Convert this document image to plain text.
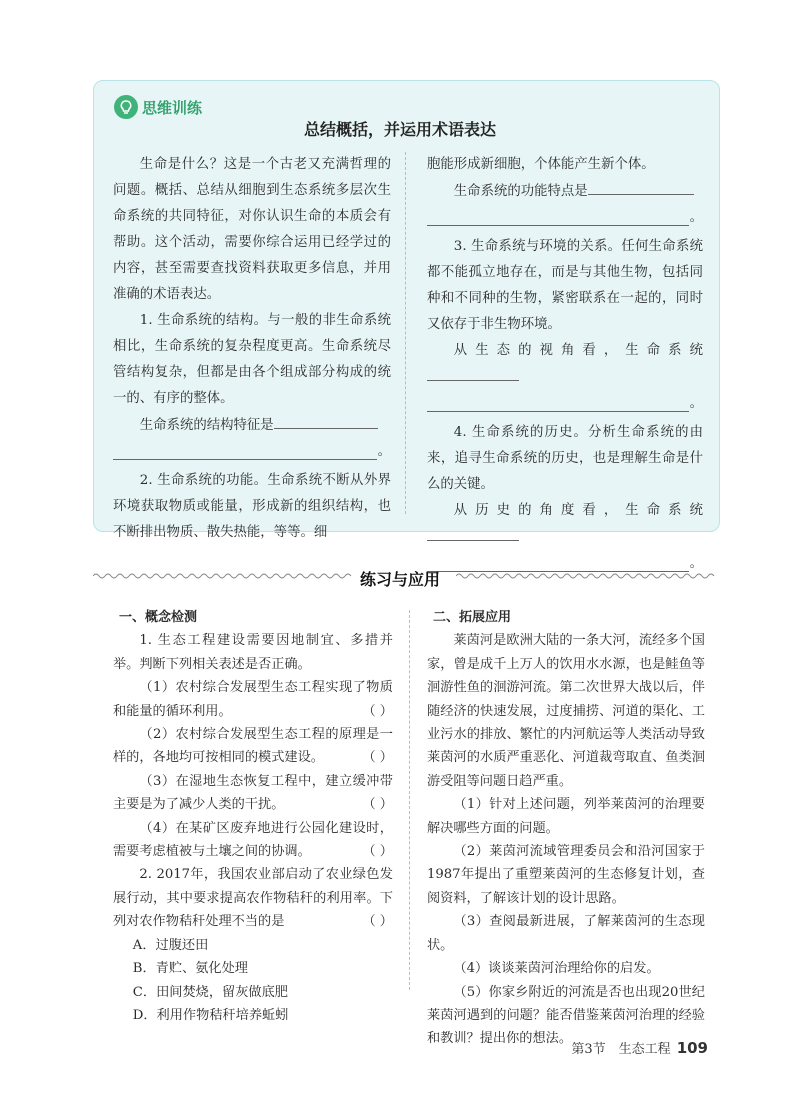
思维训练
总结概括，并运用术语表达

生命是什么？这是一个古老又充满哲理的问题。概括、总结从细胞到生态系统多层次生命系统的共同特征，对你认识生命的本质会有帮助。这个活动，需要你综合运用已经学过的内容，甚至需要查找资料获取更多信息，并用准确的术语表达。

1. 生命系统的结构。与一般的非生命系统相比，生命系统的复杂程度更高。生命系统尽管结构复杂，但都是由各个组成部分构成的统一的、有序的整体。

生命系统的结构特征是

。

2. 生命系统的功能。生命系统不断从外界环境获取物质或能量，形成新的组织结构，也不断排出物质、散失热能，等等。细

胞能形成新细胞，个体能产生新个体。

生命系统的功能特点是

。

3. 生命系统与环境的关系。任何生命系统都不能孤立地存在，而是与其他生物，包括同种和不同种的生物，紧密联系在一起的，同时又依存于非生物环境。

从生态的视角看，生命系统

。

4. 生命系统的历史。分析生命系统的由来，追寻生命系统的历史，也是理解生命是什么的关键。

从历史的角度看，生命系统

。
练习与应用
一、概念检测

1. 生态工程建设需要因地制宜、多措并举。判断下列相关表述是否正确。

（1）农村综合发展型生态工程实现了物质和能量的循环利用。	（ ）

（2）农村综合发展型生态工程的原理是一样的，各地均可按相同的模式建设。	（ ）

（3）在湿地生态恢复工程中，建立缓冲带主要是为了减少人类的干扰。	（ ）

（4）在某矿区废弃地进行公园化建设时，需要考虑植被与土壤之间的协调。	（ ）

2. 2017年，我国农业部启动了农业绿色发展行动，其中要求提高农作物秸秆的利用率。下列对农作物秸秆处理不当的是	（ ）

A．过腹还田

B．青贮、氨化处理

C．田间焚烧，留灰做底肥

D．利用作物秸秆培养蚯蚓

二、拓展应用

莱茵河是欧洲大陆的一条大河，流经多个国家，曾是成千上万人的饮用水水源，也是鲑鱼等洄游性鱼的洄游河流。第二次世界大战以后，伴随经济的快速发展，过度捕捞、河道的渠化、工业污水的排放、繁忙的内河航运等人类活动导致莱茵河的水质严重恶化、河道裁弯取直、鱼类洄游受阻等问题日趋严重。

（1）针对上述问题，列举莱茵河的治理要解决哪些方面的问题。

（2）莱茵河流域管理委员会和沿河国家于1987年提出了重塑莱茵河的生态修复计划，查阅资料，了解该计划的设计思路。

（3）查阅最新进展，了解莱茵河的生态现状。

（4）谈谈莱茵河治理给你的启发。

（5）你家乡附近的河流是否也出现20世纪莱茵河遇到的问题？能否借鉴莱茵河治理的经验和教训？提出你的想法。

第3节　生态工程 109
